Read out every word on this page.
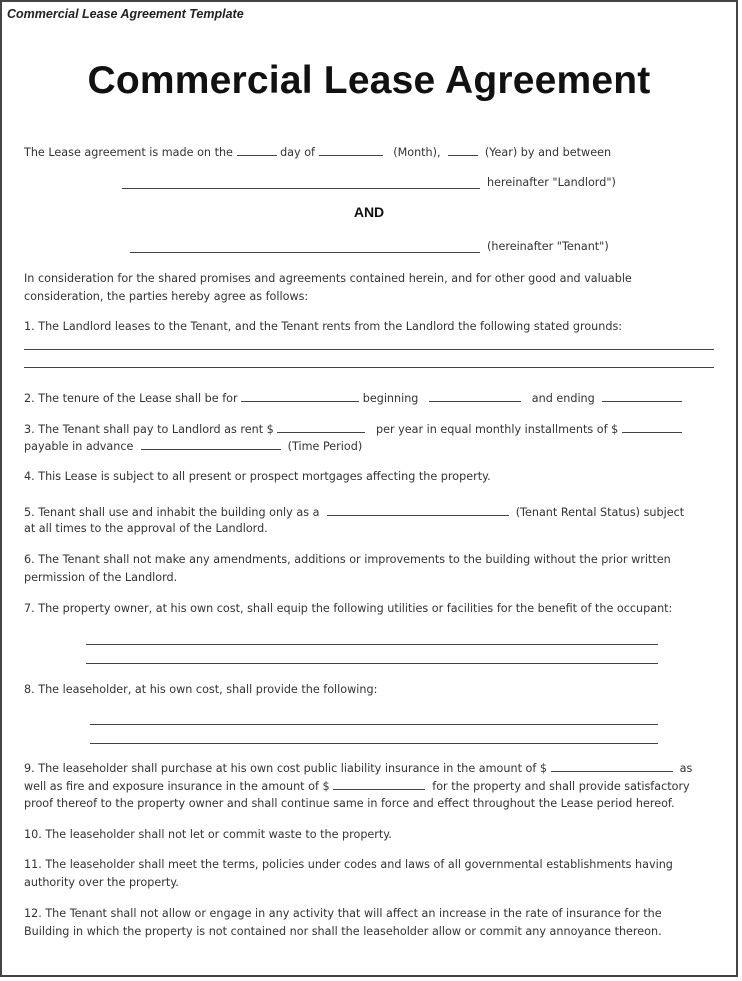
Commercial Lease Agreement Template
Commercial Lease Agreement
The Lease agreement is made on the	day of	(Month),	(Year) by and between
hereinafter "Landlord")
AND
(hereinafter "Tenant")
In consideration for the shared promises and agreements contained herein, and for other good and valuable
consideration, the parties hereby agree as follows:
1. The Landlord leases to the Tenant, and the Tenant rents from the Landlord the following stated grounds:
2. The tenure of the Lease shall be for	beginning	and ending
3. The Tenant shall pay to Landlord as rent $	per year in equal monthly installments of $
payable in advance	(Time Period)
4. This Lease is subject to all present or prospect mortgages affecting the property.
5. Tenant shall use and inhabit the building only as a	(Tenant Rental Status) subject
at all times to the approval of the Landlord.
6. The Tenant shall not make any amendments, additions or improvements to the building without the prior written
permission of the Landlord.
7. The property owner, at his own cost, shall equip the following utilities or facilities for the benefit of the occupant:
8. The leaseholder, at his own cost, shall provide the following:
9. The leaseholder shall purchase at his own cost public liability insurance in the amount of $	as
well as fire and exposure insurance in the amount of $	for the property and shall provide satisfactory
proof thereof to the property owner and shall continue same in force and effect throughout the Lease period hereof.
10. The leaseholder shall not let or commit waste to the property.
11. The leaseholder shall meet the terms, policies under codes and laws of all governmental establishments having
authority over the property.
12. The Tenant shall not allow or engage in any activity that will affect an increase in the rate of insurance for the
Building in which the property is not contained nor shall the leaseholder allow or commit any annoyance thereon.
